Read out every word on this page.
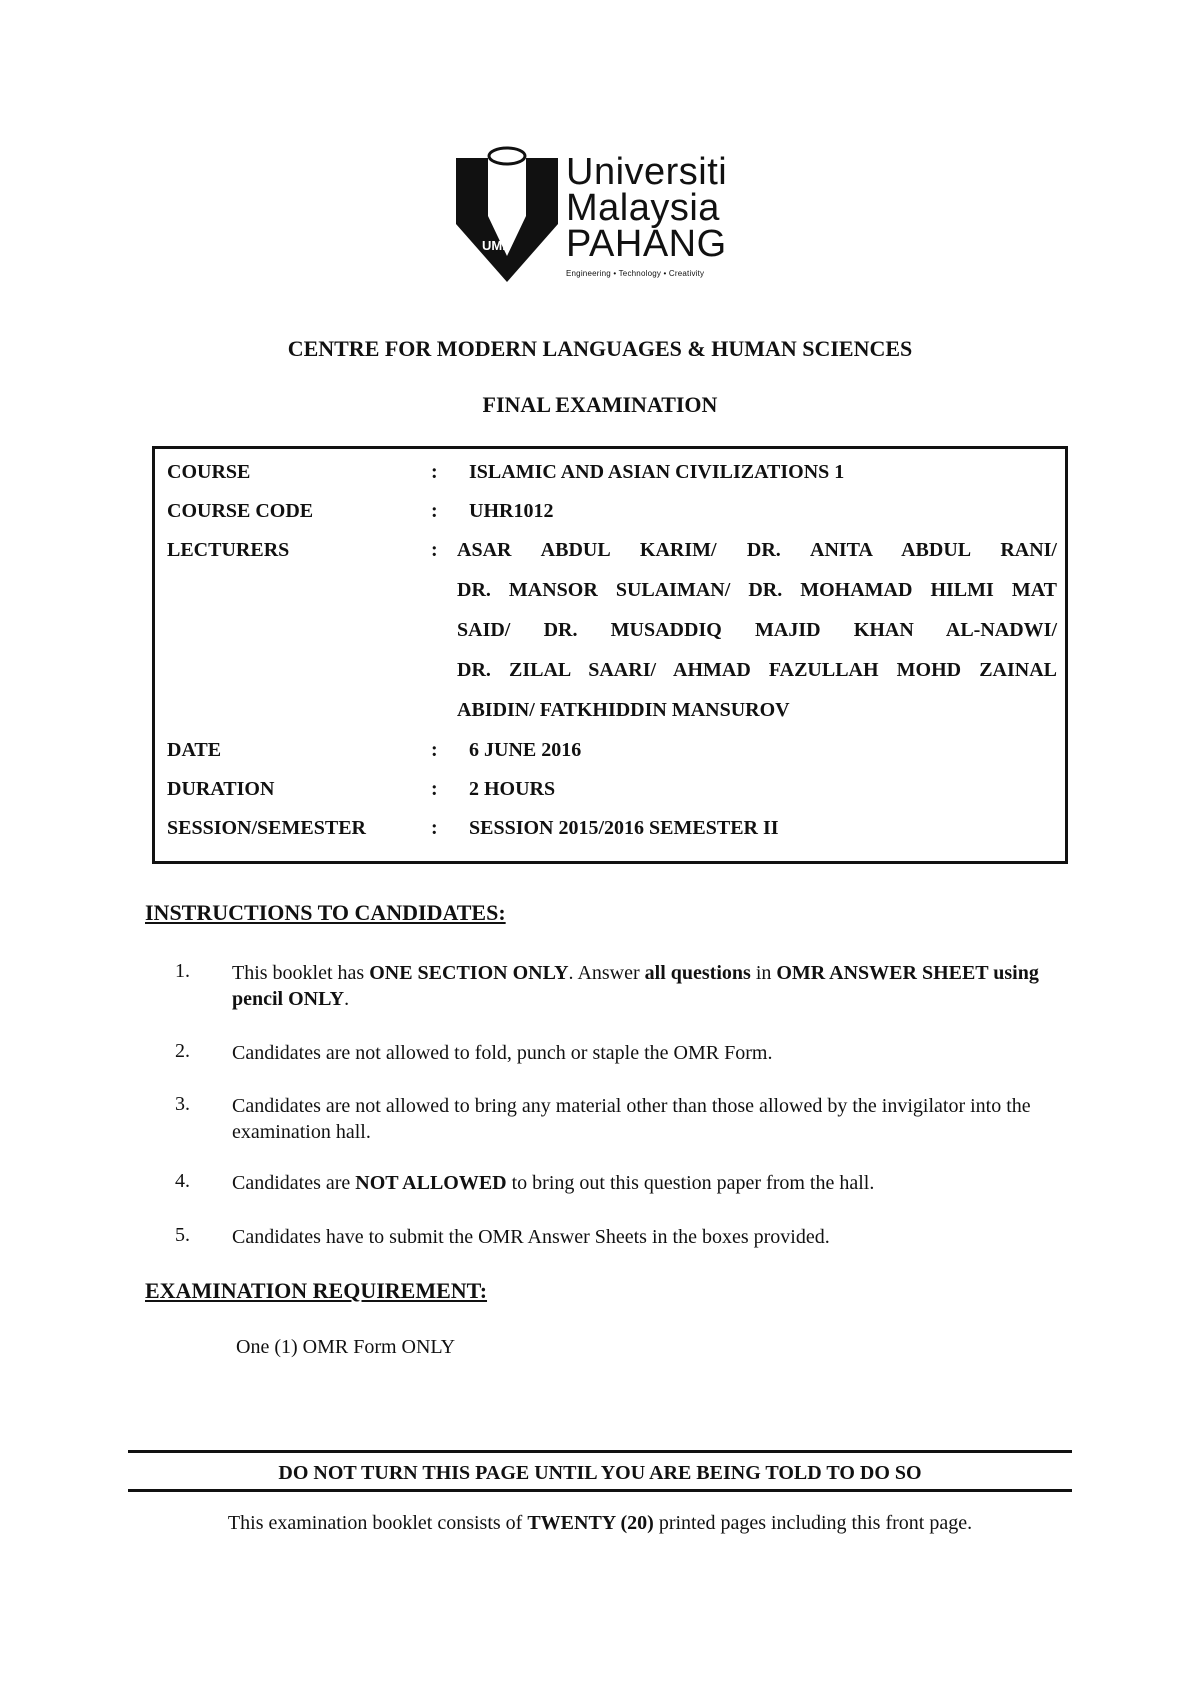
UMP
Universiti
Malaysia
PAHANG
Engineering • Technology • Creativity
CENTRE FOR MODERN LANGUAGES & HUMAN SCIENCES
FINAL EXAMINATION
COURSE	: ISLAMIC AND ASIAN CIVILIZATIONS 1
COURSE CODE	: UHR1012
LECTURERS	: ASAR ABDUL KARIM/ DR. ANITA ABDUL RANI/
DR. MANSOR SULAIMAN/ DR. MOHAMAD HILMI MAT
SAID/ DR. MUSADDIQ MAJID KHAN AL-NADWI/
DR. ZILAL SAARI/ AHMAD FAZULLAH MOHD ZAINAL
ABIDIN/ FATKHIDDIN MANSUROV
DATE	: 6 JUNE 2016
DURATION	: 2 HOURS
SESSION/SEMESTER	: SESSION 2015/2016 SEMESTER II
INSTRUCTIONS TO CANDIDATES:
1. This booklet has ONE SECTION ONLY. Answer all questions in OMR ANSWER SHEET using pencil ONLY.
2. Candidates are not allowed to fold, punch or staple the OMR Form.
3. Candidates are not allowed to bring any material other than those allowed by the invigilator into the examination hall.
4. Candidates are NOT ALLOWED to bring out this question paper from the hall.
5. Candidates have to submit the OMR Answer Sheets in the boxes provided.
EXAMINATION REQUIREMENT:
One (1) OMR Form ONLY
DO NOT TURN THIS PAGE UNTIL YOU ARE BEING TOLD TO DO SO
This examination booklet consists of TWENTY (20) printed pages including this front page.
